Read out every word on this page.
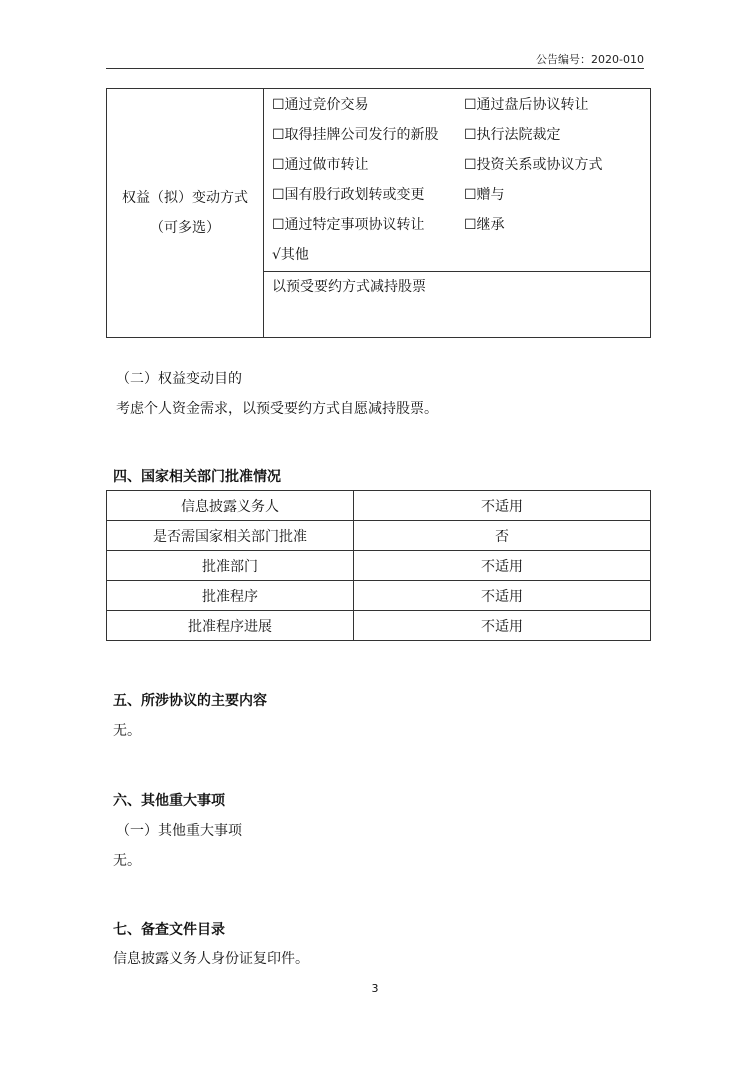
公告编号：2020-010
权益（拟）变动方式
（可多选）

☐通过竞价交易	☐通过盘后协议转让
☐取得挂牌公司发行的新股	☐执行法院裁定
☐通过做市转让	☐投资关系或协议方式
☐国有股行政划转或变更	☐赠与
☐通过特定事项协议转让	☐继承
√其他

以预受要约方式减持股票
（二）权益变动目的
考虑个人资金需求，以预受要约方式自愿减持股票。
四、国家相关部门批准情况
信息披露义务人	不适用
是否需国家相关部门批准	否
批准部门	不适用
批准程序	不适用
批准程序进展	不适用
五、所涉协议的主要内容
无。
六、其他重大事项
（一）其他重大事项
无。
七、备查文件目录
信息披露义务人身份证复印件。
3
